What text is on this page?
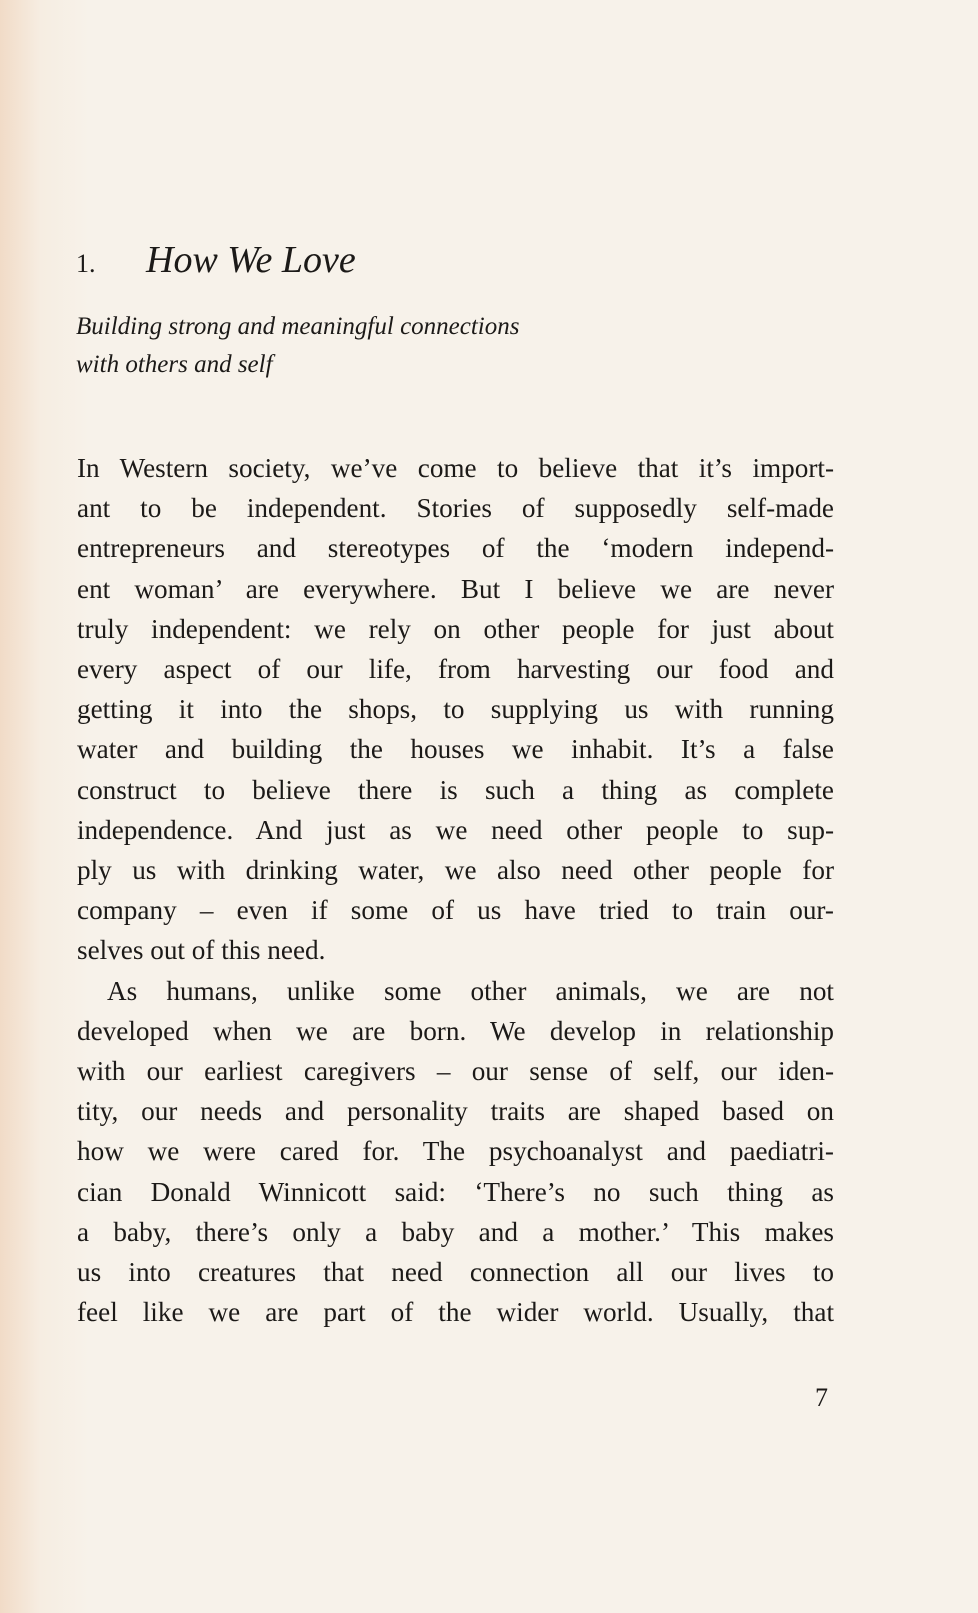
1. How We Love
Building strong and meaningful connections
with others and self
In Western society, we’ve come to believe that it’s import-
ant to be independent. Stories of supposedly self-made
entrepreneurs and stereotypes of the ‘modern independ-
ent woman’ are everywhere. But I believe we are never
truly independent: we rely on other people for just about
every aspect of our life, from harvesting our food and
getting it into the shops, to supplying us with running
water and building the houses we inhabit. It’s a false
construct to believe there is such a thing as complete
independence. And just as we need other people to sup-
ply us with drinking water, we also need other people for
company – even if some of us have tried to train our-
selves out of this need.
As humans, unlike some other animals, we are not
developed when we are born. We develop in relationship
with our earliest caregivers – our sense of self, our iden-
tity, our needs and personality traits are shaped based on
how we were cared for. The psychoanalyst and paediatri-
cian Donald Winnicott said: ‘There’s no such thing as
a baby, there’s only a baby and a mother.’ This makes
us into creatures that need connection all our lives to
feel like we are part of the wider world. Usually, that
7
